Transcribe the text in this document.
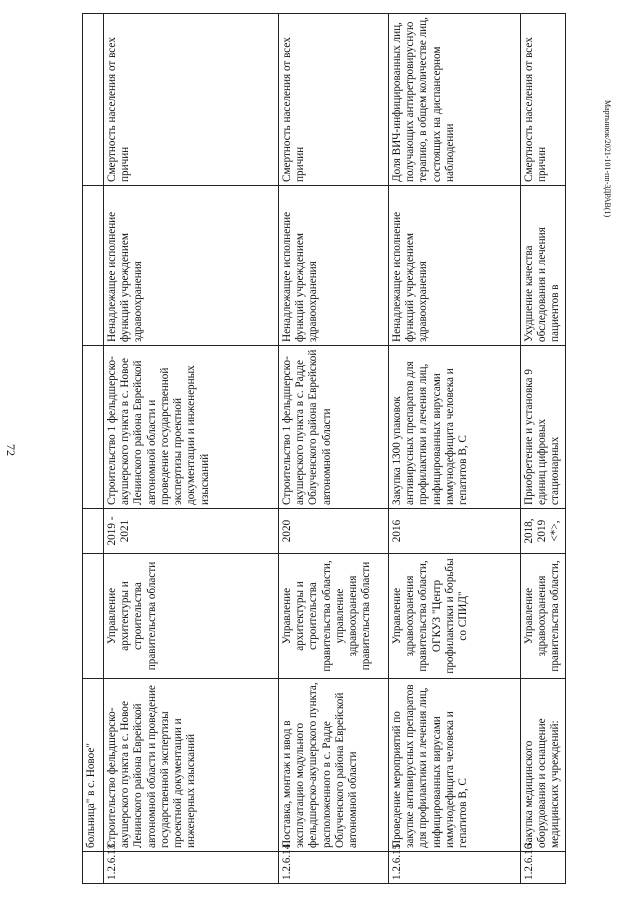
72
Мартынюк/2021-101-пп-ЗДРАВ(1)
	больница" в с. Новое"					
1.2.6.13	Строительство фельдшерско-акушерского пункта в с. Новое Ленинского района Еврейской автономной области и проведение государственной экспертизы проектной документации и инженерных изысканий	Управление архитектуры и строительства правительства области	2019 - 2021	Строительство 1 фельдшерско-акушерского пункта в с. Новое Ленинского района Еврейской автономной области и проведение государственной экспертизы проектной документации и инженерных изысканий	Ненадлежащее исполнение функций учреждением здравоохранения	Смертность населения от всех причин
1.2.6.14	Поставка, монтаж и ввод в эксплуатацию модульного фельдшерско-акушерского пункта, расположенного в с. Радде Облученского района Еврейской автономной области	Управление архитектуры и строительства правительства области, управление здравоохранения правительства области	2020	Строительство 1 фельдшерско-акушерского пункта в с. Радде Облученского района Еврейской автономной области	Ненадлежащее исполнение функций учреждением здравоохранения	Смертность населения от всех причин
1.2.6.15	Проведение мероприятий по закупке антивирусных препаратов для профилактики и лечения лиц, инфицированных вирусами иммунодефицита человека и гепатитов В, С	Управление здравоохранения правительства области, ОГКУЗ "Центр профилактики и борьбы со СПИД"	2016	Закупка 1300 упаковок антивирусных препаратов для профилактики и лечения лиц, инфицированных вирусами иммунодефицита человека и гепатитов В, С	Ненадлежащее исполнение функций учреждением здравоохранения	Доля ВИЧ-инфицированных лиц, получающих антиретровирусную терапию, в общем количестве лиц, состоящих на диспансерном наблюдении
1.2.6.16	Закупка медицинского оборудования и оснащение медицинских учреждений:	Управление здравоохранения правительства области,	2018, 2019 <*>,	Приобретение и установка 9 единиц цифровых стационарных	Ухудшение качества обследования и лечения пациентов в	Смертность населения от всех причин
